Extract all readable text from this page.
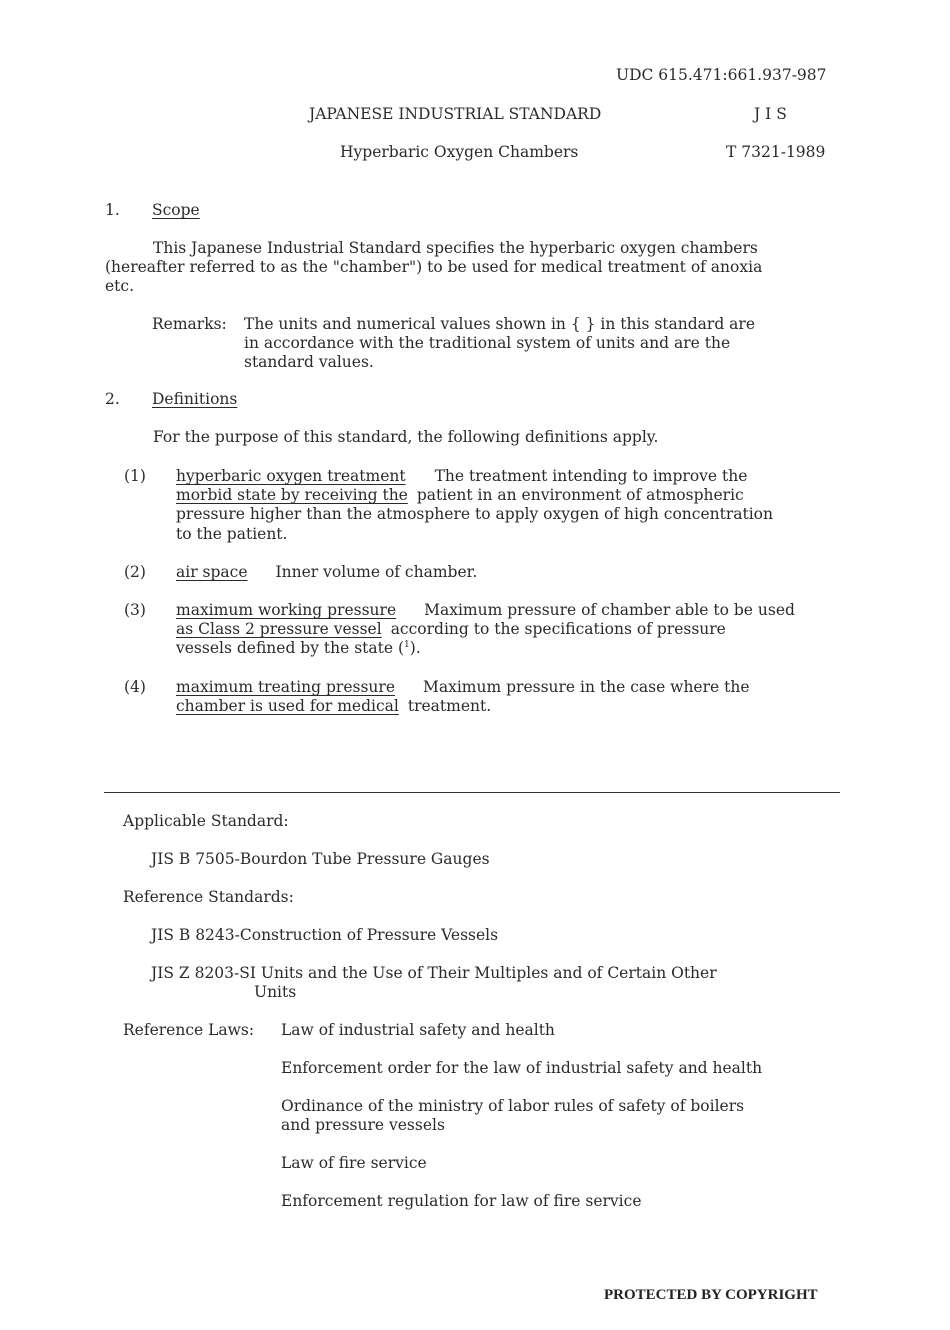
UDC 615.471:661.937-987
JAPANESE INDUSTRIAL STANDARD	J I S
Hyperbaric Oxygen Chambers	T 7321-1989
1. Scope
This Japanese Industrial Standard specifies the hyperbaric oxygen chambers
(hereafter referred to as the "chamber") to be used for medical treatment of anoxia
etc.
Remarks: The units and numerical values shown in { } in this standard are
in accordance with the traditional system of units and are the
standard values.
2. Definitions
For the purpose of this standard, the following definitions apply.
(1) hyperbaric oxygen treatment The treatment intending to improve the
morbid state by receiving the patient in an environment of atmospheric
pressure higher than the atmosphere to apply oxygen of high concentration
to the patient.
(2) air space Inner volume of chamber.
(3) maximum working pressure Maximum pressure of chamber able to be used
as Class 2 pressure vessel according to the specifications of pressure
vessels defined by the state ($^1$).
(4) maximum treating pressure Maximum pressure in the case where the
chamber is used for medical treatment.
Applicable Standard:
JIS B 7505-Bourdon Tube Pressure Gauges
Reference Standards:
JIS B 8243-Construction of Pressure Vessels
JIS Z 8203-SI Units and the Use of Their Multiples and of Certain Other
Units
Reference Laws: Law of industrial safety and health
Enforcement order for the law of industrial safety and health
Ordinance of the ministry of labor rules of safety of boilers
and pressure vessels
Law of fire service
Enforcement regulation for law of fire service
PROTECTED BY COPYRIGHT
